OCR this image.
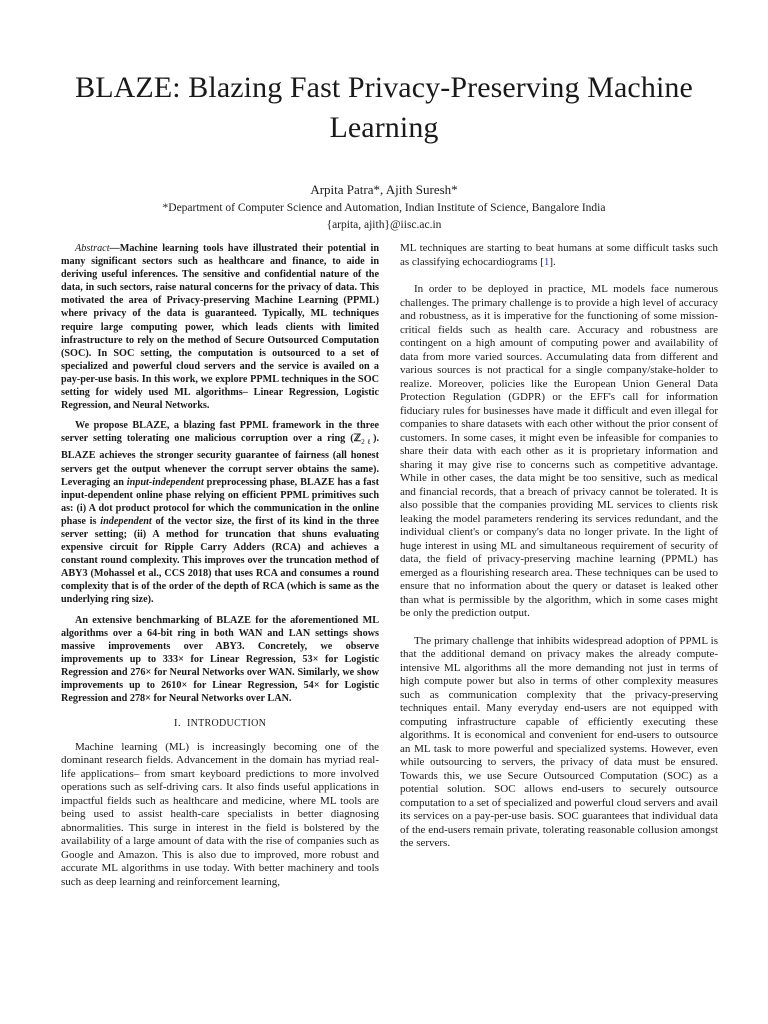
BLAZE: Blazing Fast Privacy-Preserving Machine Learning
Arpita Patra*, Ajith Suresh*
*Department of Computer Science and Automation, Indian Institute of Science, Bangalore India
{arpita, ajith}@iisc.ac.in

Abstract—Machine learning tools have illustrated their potential in many significant sectors such as healthcare and finance, to aide in deriving useful inferences. The sensitive and confidential nature of the data, in such sectors, raise natural concerns for the privacy of data. This motivated the area of Privacy-preserving Machine Learning (PPML) where privacy of the data is guaranteed. Typically, ML techniques require large computing power, which leads clients with limited infrastructure to rely on the method of Secure Outsourced Computation (SOC). In SOC setting, the computation is outsourced to a set of specialized and powerful cloud servers and the service is availed on a pay-per-use basis. In this work, we explore PPML techniques in the SOC setting for widely used ML algorithms– Linear Regression, Logistic Regression, and Neural Networks.

We propose BLAZE, a blazing fast PPML framework in the three server setting tolerating one malicious corruption over a ring (ℤ$_{2\ell}$). BLAZE achieves the stronger security guarantee of fairness (all honest servers get the output whenever the corrupt server obtains the same). Leveraging an input-independent preprocessing phase, BLAZE has a fast input-dependent online phase relying on efficient PPML primitives such as: (i) A dot product protocol for which the communication in the online phase is independent of the vector size, the first of its kind in the three server setting; (ii) A method for truncation that shuns evaluating expensive circuit for Ripple Carry Adders (RCA) and achieves a constant round complexity. This improves over the truncation method of ABY3 (Mohassel et al., CCS 2018) that uses RCA and consumes a round complexity that is of the order of the depth of RCA (which is same as the underlying ring size).

An extensive benchmarking of BLAZE for the aforementioned ML algorithms over a 64-bit ring in both WAN and LAN settings shows massive improvements over ABY3. Concretely, we observe improvements up to 333× for Linear Regression, 53× for Logistic Regression and 276× for Neural Networks over WAN. Similarly, we show improvements up to 2610× for Linear Regression, 54× for Logistic Regression and 278× for Neural Networks over LAN.

I. INTRODUCTION

Machine learning (ML) is increasingly becoming one of the dominant research fields. Advancement in the domain has myriad real-life applications– from smart keyboard predictions to more involved operations such as self-driving cars. It also finds useful applications in impactful fields such as healthcare and medicine, where ML tools are being used to assist health-care specialists in better diagnosing abnormalities. This surge in interest in the field is bolstered by the availability of a large amount of data with the rise of companies such as Google and Amazon. This is also due to improved, more robust and accurate ML algorithms in use today. With better machinery and tools such as deep learning and reinforcement learning,

ML techniques are starting to beat humans at some difficult tasks such as classifying echocardiograms [1].

In order to be deployed in practice, ML models face numerous challenges. The primary challenge is to provide a high level of accuracy and robustness, as it is imperative for the functioning of some mission-critical fields such as health care. Accuracy and robustness are contingent on a high amount of computing power and availability of data from more varied sources. Accumulating data from different and various sources is not practical for a single company/stake-holder to realize. Moreover, policies like the European Union General Data Protection Regulation (GDPR) or the EFF's call for information fiduciary rules for businesses have made it difficult and even illegal for companies to share datasets with each other without the prior consent of customers. In some cases, it might even be infeasible for companies to share their data with each other as it is proprietary information and sharing it may give rise to concerns such as competitive advantage. While in other cases, the data might be too sensitive, such as medical and financial records, that a breach of privacy cannot be tolerated. It is also possible that the companies providing ML services to clients risk leaking the model parameters rendering its services redundant, and the individual client's or company's data no longer private. In the light of huge interest in using ML and simultaneous requirement of security of data, the field of privacy-preserving machine learning (PPML) has emerged as a flourishing research area. These techniques can be used to ensure that no information about the query or dataset is leaked other than what is permissible by the algorithm, which in some cases might be only the prediction output.

The primary challenge that inhibits widespread adoption of PPML is that the additional demand on privacy makes the already compute-intensive ML algorithms all the more demanding not just in terms of high compute power but also in terms of other complexity measures such as communication complexity that the privacy-preserving techniques entail. Many everyday end-users are not equipped with computing infrastructure capable of efficiently executing these algorithms. It is economical and convenient for end-users to outsource an ML task to more powerful and specialized systems. However, even while outsourcing to servers, the privacy of data must be ensured. Towards this, we use Secure Outsourced Computation (SOC) as a potential solution. SOC allows end-users to securely outsource computation to a set of specialized and powerful cloud servers and avail its services on a pay-per-use basis. SOC guarantees that individual data of the end-users remain private, tolerating reasonable collusion amongst the servers.
